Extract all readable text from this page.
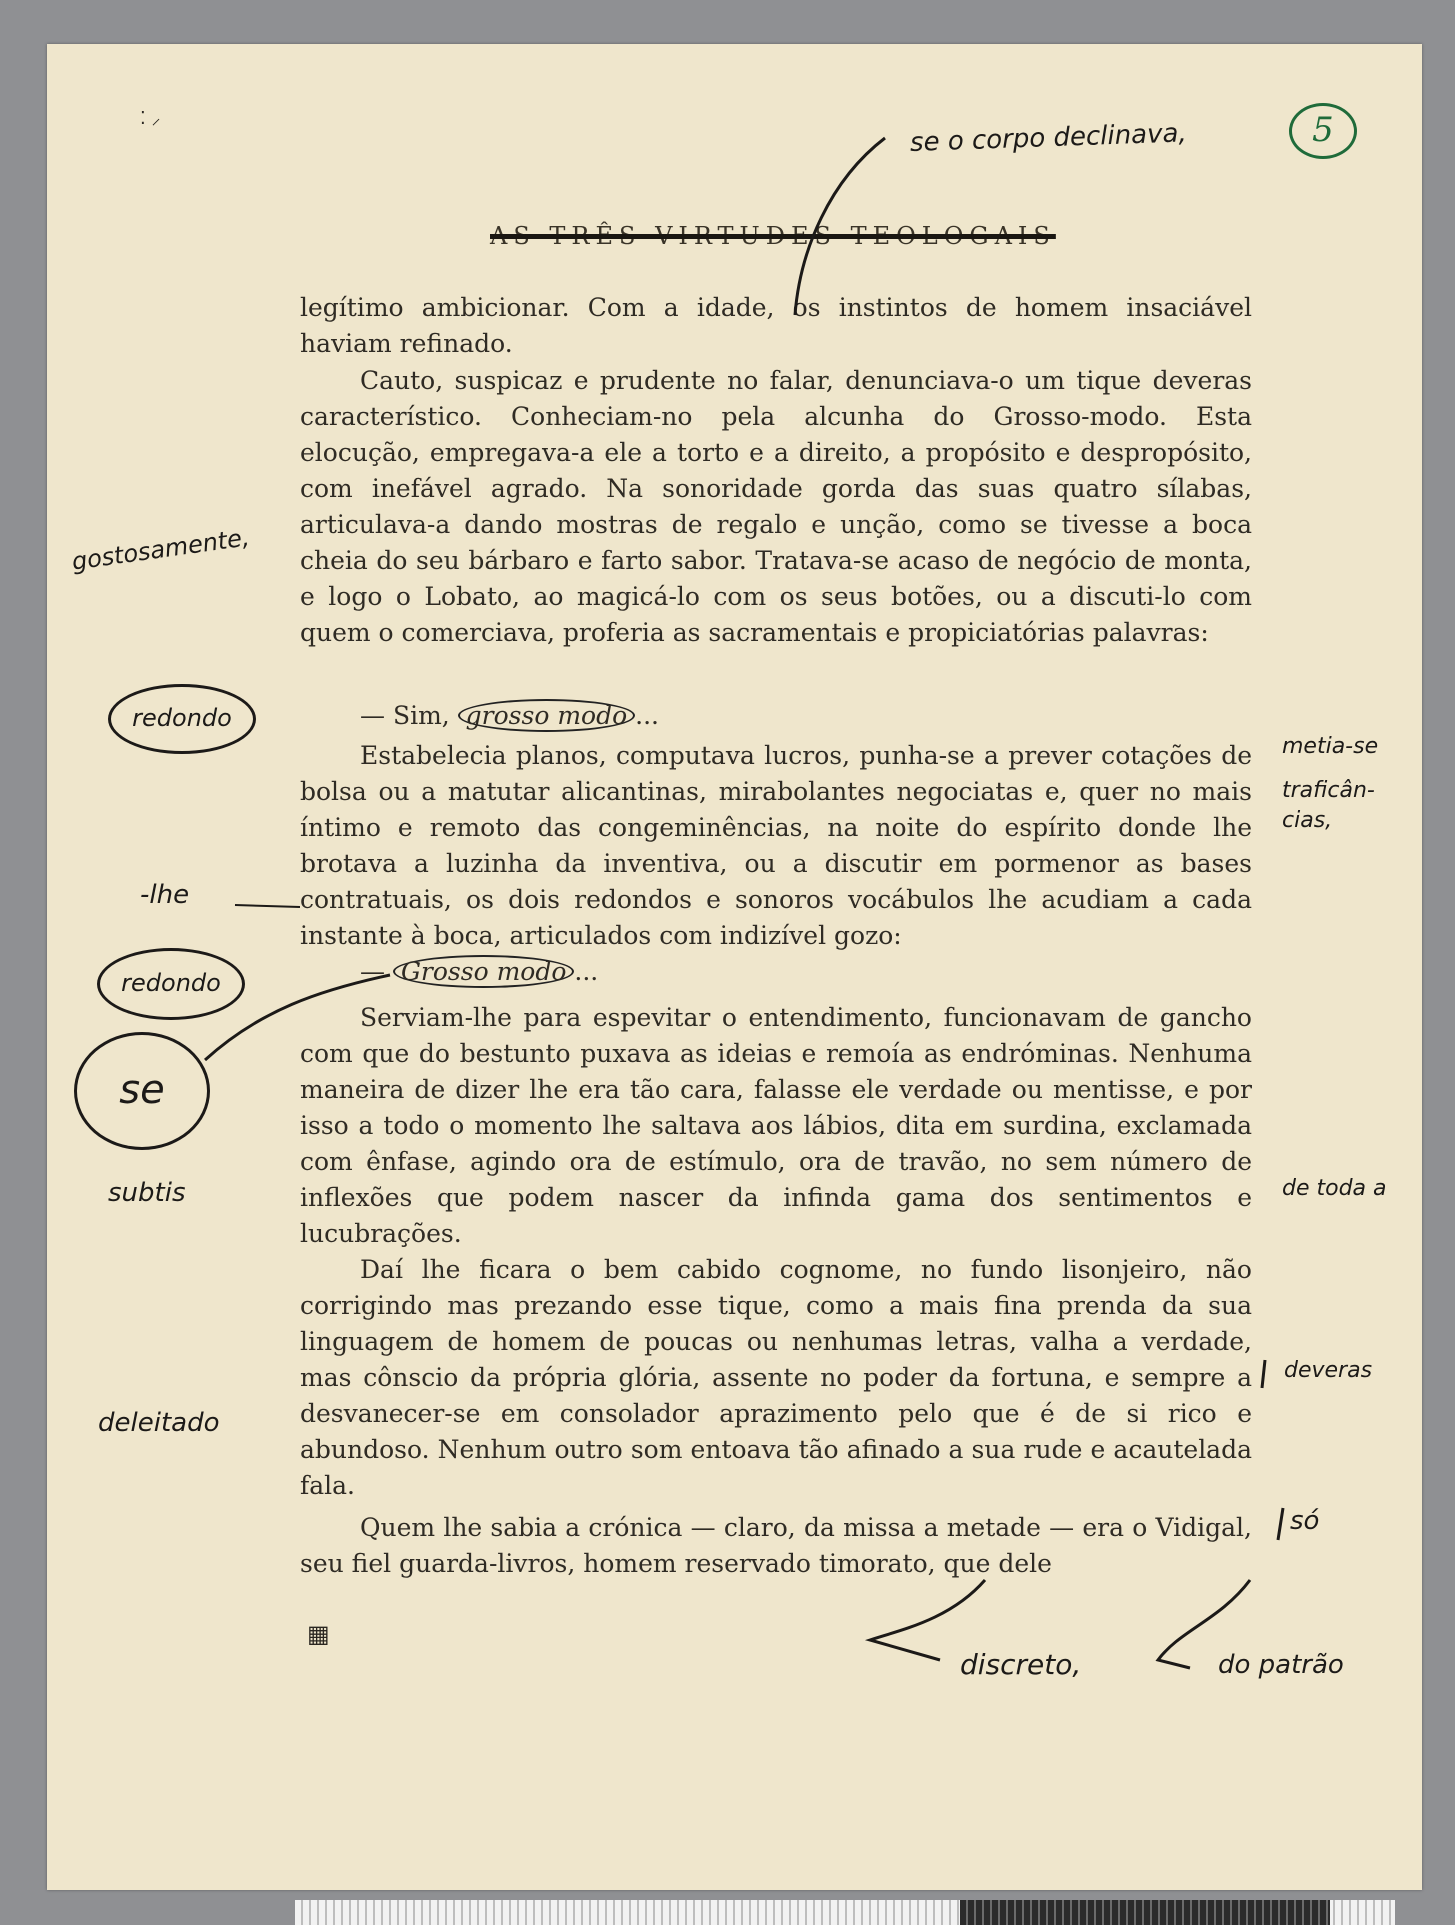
AS TRÊS VIRTUDES TEOLOGAIS
5
legítimo ambicionar. Com a idade, os instintos de homem insaciável haviam refinado.
Cauto, suspicaz e prudente no falar, denunciava-o um tique deveras característico. Conheciam-no pela alcunha do Grosso-modo. Esta elocução, empregava-a ele a torto e a direito, a propósito e despropósito, com inefável agrado. Na sonoridade gorda das suas quatro sílabas, articulava-a dando mostras de regalo e unção, como se tivesse a boca cheia do seu bárbaro e farto sabor. Tratava-se acaso de negócio de monta, e logo o Lobato, ao magicá-lo com os seus botões, ou a discuti-lo com quem o comerciava, proferia as sacramentais e propiciatórias palavras:
— Sim, grosso modo ...
Estabelecia planos, computava lucros, punha-se a prever cotações de bolsa ou a matutar alicantinas, mirabolantes negociatas e, quer no mais íntimo e remoto das congeminências, na noite do espírito donde lhe brotava a luzinha da inventiva, ou a discutir em pormenor as bases contratuais, os dois redondos e sonoros vocábulos lhe acudiam a cada instante à boca, articulados com indizível gozo:
— Grosso modo ...
Serviam-lhe para espevitar o entendimento, funcionavam de gancho com que do bestunto puxava as ideias e remoía as endróminas. Nenhuma maneira de dizer lhe era tão cara, falasse ele verdade ou mentisse, e por isso a todo o momento lhe saltava aos lábios, dita em surdina, exclamada com ênfase, agindo ora de estímulo, ora de travão, no sem número de inflexões que podem nascer da infinda gama dos sentimentos e lucubrações.
Daí lhe ficara o bem cabido cognome, no fundo lisonjeiro, não corrigindo mas prezando esse tique, como a mais fina prenda da sua linguagem de homem de poucas ou nenhumas letras, valha a verdade, mas cônscio da própria glória, assente no poder da fortuna, e sempre a desvanecer-se em consolador aprazimento pelo que é de si rico e abundoso. Nenhum outro som entoava tão afinado a sua rude e acautelada fala.
Quem lhe sabia a crónica — claro, da missa a metade — era o Vidigal, seu fiel guarda-livros, homem reservado timorato, que dele
⁚ ⸝
▦
se o corpo declinava,
gostosamente,
redondo
-lhe
redondo
se
subtis
deleitado
metia-se
traficân-cias,
de toda a
deveras
só
discreto,	do patrão
